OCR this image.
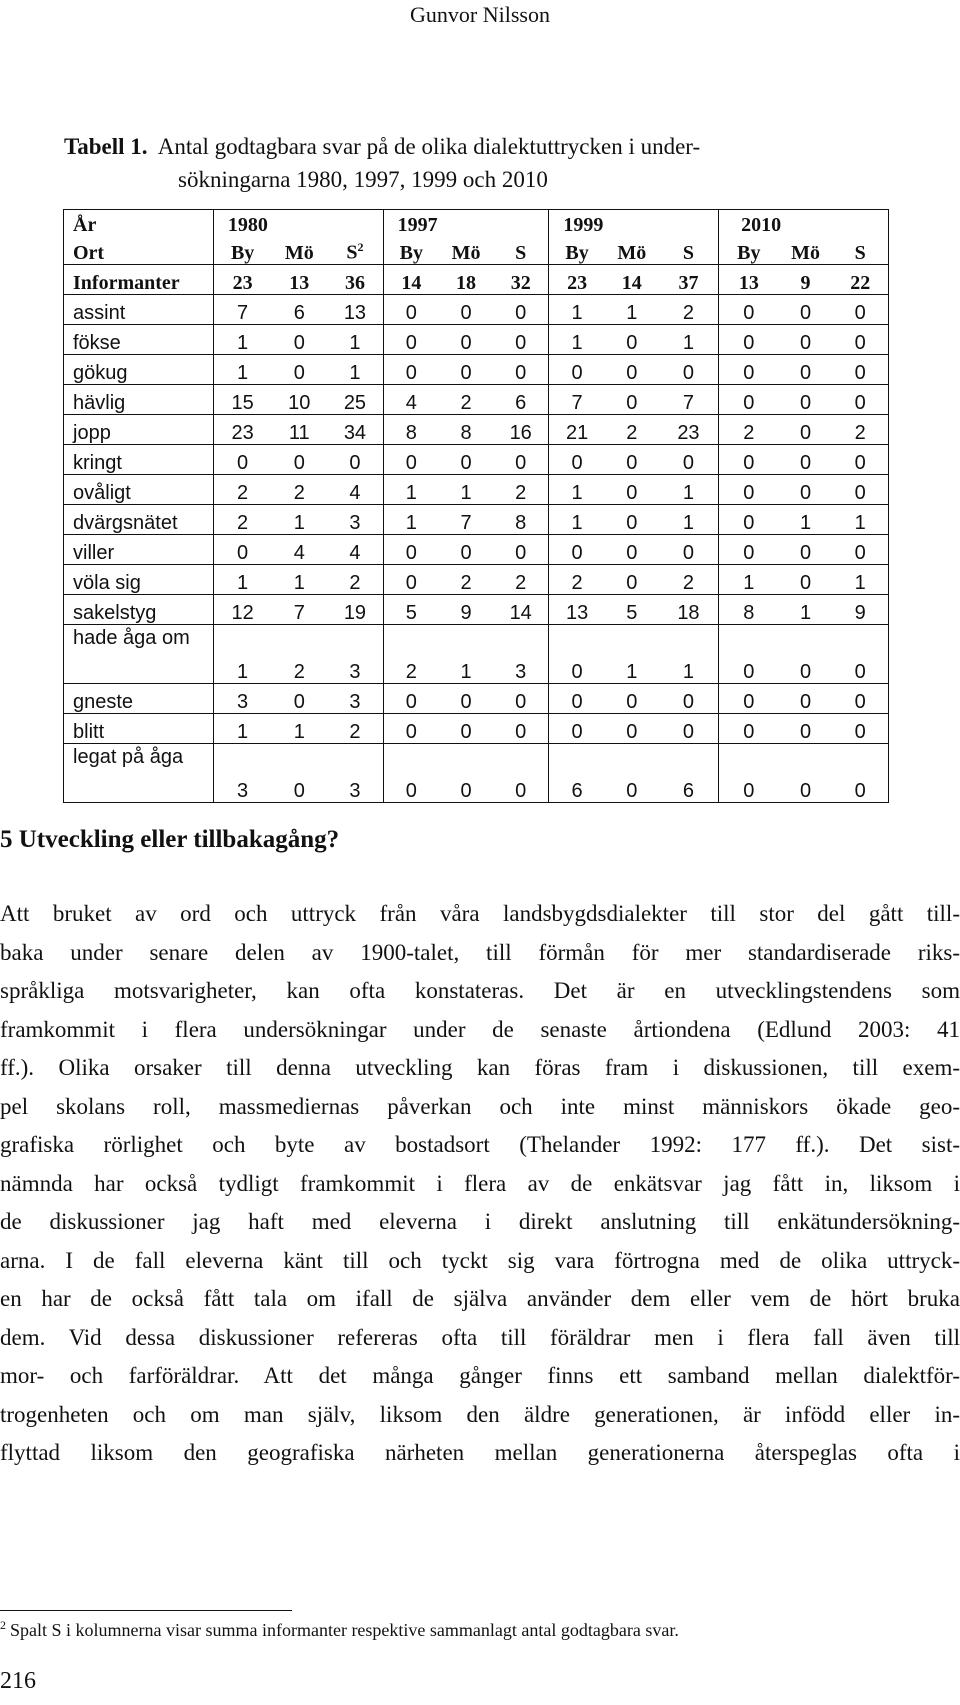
Gunvor Nilsson
Tabell 1. Antal godtagbara svar på de olika dialektuttrycken i under-
sökningarna 1980, 1997, 1999 och 2010
År	1980			1997			1999			2010		
Ort	By	Mö	$S^2$	By	Mö	S	By	Mö	S	By	Mö	S
Informanter	23	13	36	14	18	32	23	14	37	13	9	22
assint	7	6	13	0	0	0	1	1	2	0	0	0
fökse	1	0	1	0	0	0	1	0	1	0	0	0
gökug	1	0	1	0	0	0	0	0	0	0	0	0
hävlig	15	10	25	4	2	6	7	0	7	0	0	0
jopp	23	11	34	8	8	16	21	2	23	2	0	2
kringt	0	0	0	0	0	0	0	0	0	0	0	0
ovåligt	2	2	4	1	1	2	1	0	1	0	0	0
dvärgsnätet	2	1	3	1	7	8	1	0	1	0	1	1
viller	0	4	4	0	0	0	0	0	0	0	0	0
völa sig	1	1	2	0	2	2	2	0	2	1	0	1
sakelstyg	12	7	19	5	9	14	13	5	18	8	1	9
hade åga om	1	2	3	2	1	3	0	1	1	0	0	0
gneste	3	0	3	0	0	0	0	0	0	0	0	0
blitt	1	1	2	0	0	0	0	0	0	0	0	0
legat på åga	3	0	3	0	0	0	6	0	6	0	0	0
5 Utveckling eller tillbakagång?

Att bruket av ord och uttryck från våra landsbygdsdialekter till stor del gått till-

baka under senare delen av 1900-talet, till förmån för mer standardiserade riks-

språkliga motsvarigheter, kan ofta konstateras. Det är en utvecklingstendens som

framkommit i flera undersökningar under de senaste årtiondena (Edlund 2003: 41

ff.). Olika orsaker till denna utveckling kan föras fram i diskussionen, till exem-

pel skolans roll, massmediernas påverkan och inte minst människors ökade geo-

grafiska rörlighet och byte av bostadsort (Thelander 1992: 177 ff.). Det sist-

nämnda har också tydligt framkommit i flera av de enkätsvar jag fått in, liksom i

de diskussioner jag haft med eleverna i direkt anslutning till enkätundersökning-

arna. I de fall eleverna känt till och tyckt sig vara förtrogna med de olika uttryck-

en har de också fått tala om ifall de själva använder dem eller vem de hört bruka

dem. Vid dessa diskussioner refereras ofta till föräldrar men i flera fall även till

mor- och farföräldrar. Att det många gånger finns ett samband mellan dialektför-

trogenheten och om man själv, liksom den äldre generationen, är infödd eller in-

flyttad liksom den geografiska närheten mellan generationerna återspeglas ofta i

$^2$ Spalt S i kolumnerna visar summa informanter respektive sammanlagt antal godtagbara svar.
216
